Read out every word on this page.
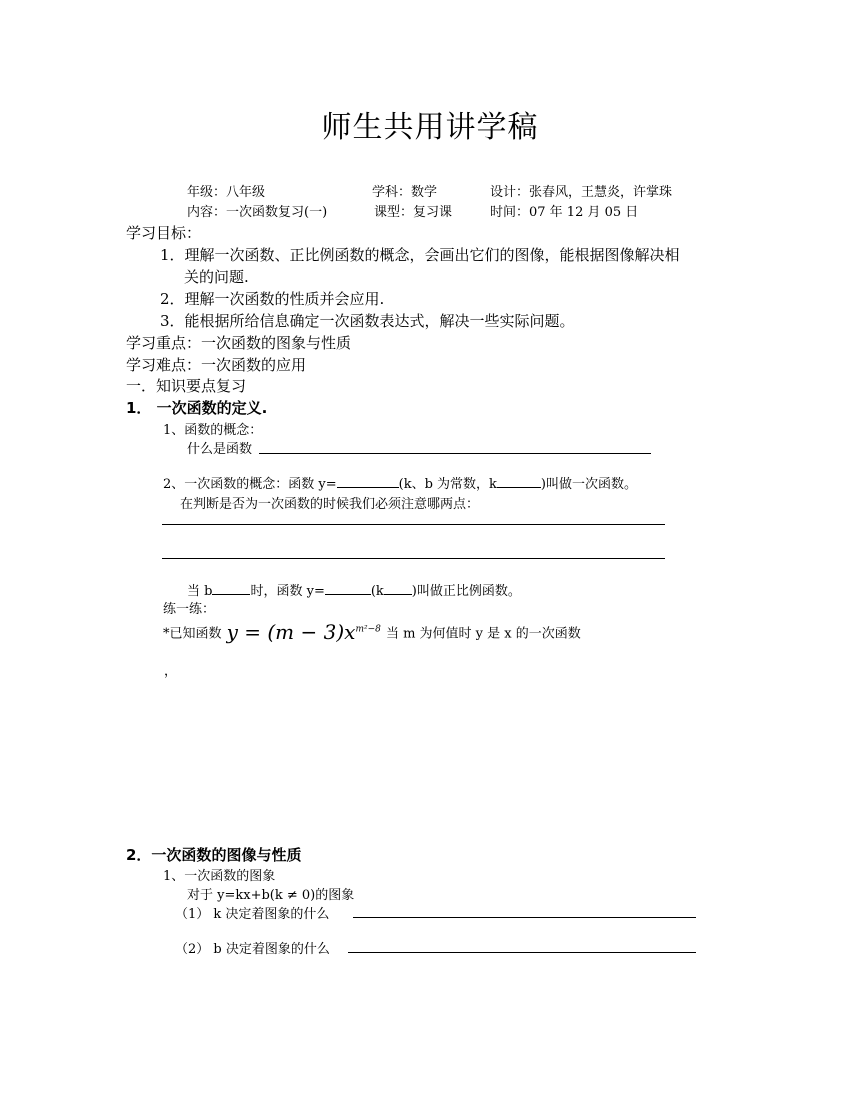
师生共用讲学稿
年级：八年级	学科：数学	设计：张春风，王慧炎，许掌珠
内容：一次函数复习(一)	课型：复习课	时间：07 年 12 月 05 日
学习目标：
1．理解一次函数、正比例函数的概念，会画出它们的图像，能根据图像解决相
关的问题.
2．理解一次函数的性质并会应用.
3．能根据所给信息确定一次函数表达式，解决一些实际问题。
学习重点：一次函数的图象与性质
学习难点：一次函数的应用
一．知识要点复习
1． 一次函数的定义.
1、函数的概念：
什么是函数
2、一次函数的概念：函数 y=	(k、b 为常数，k	)叫做一次函数。
在判断是否为一次函数的时候我们必须注意哪两点：
当 b	时，函数 y=	(k )叫做正比例函数。
练一练：
*已知函数 $y = (m - 3)x^{m^2-8}$ 当 m 为何值时 y 是 x 的一次函数
，
2．一次函数的图像与性质
1、一次函数的图象
对于 y=kx+b(k ≠ 0)的图象
（1） k 决定着图象的什么
（2） b 决定着图象的什么
